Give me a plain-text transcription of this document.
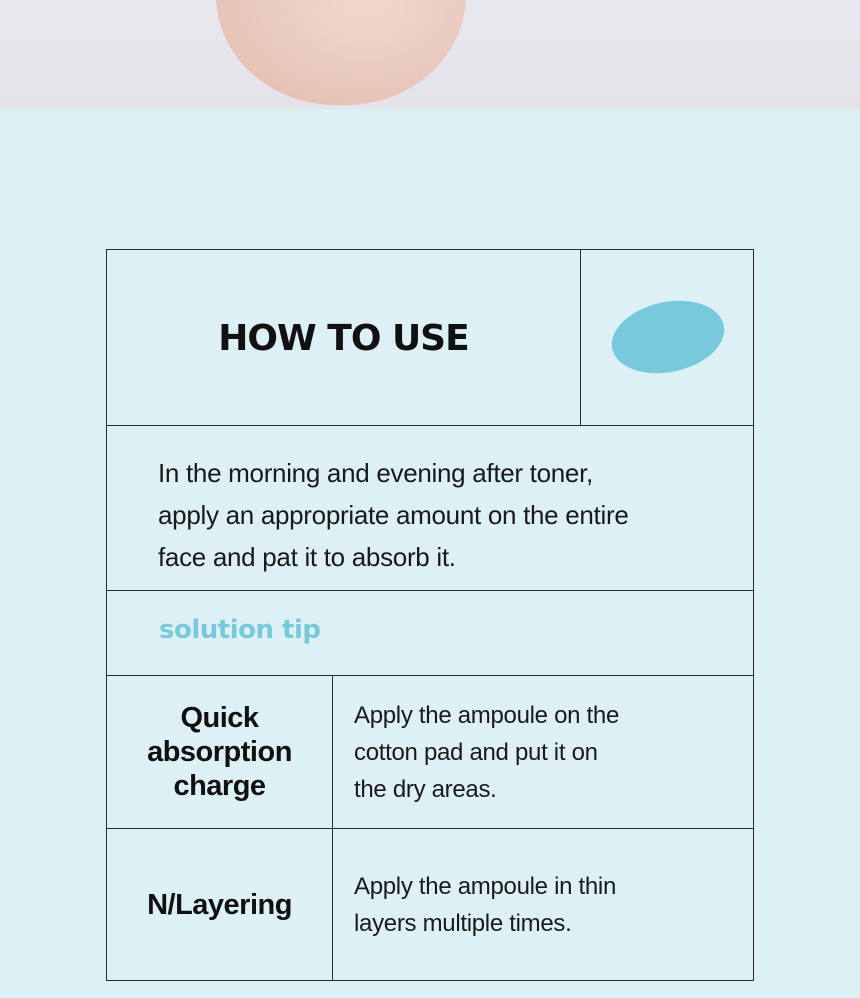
HOW TO USE
In the morning and evening after toner,
apply an appropriate amount on the entire
face and pat it to absorb it.
solution tip
Quick
absorption
charge
Apply the ampoule on the
cotton pad and put it on
the dry areas.
N/Layering
Apply the ampoule in thin
layers multiple times.
